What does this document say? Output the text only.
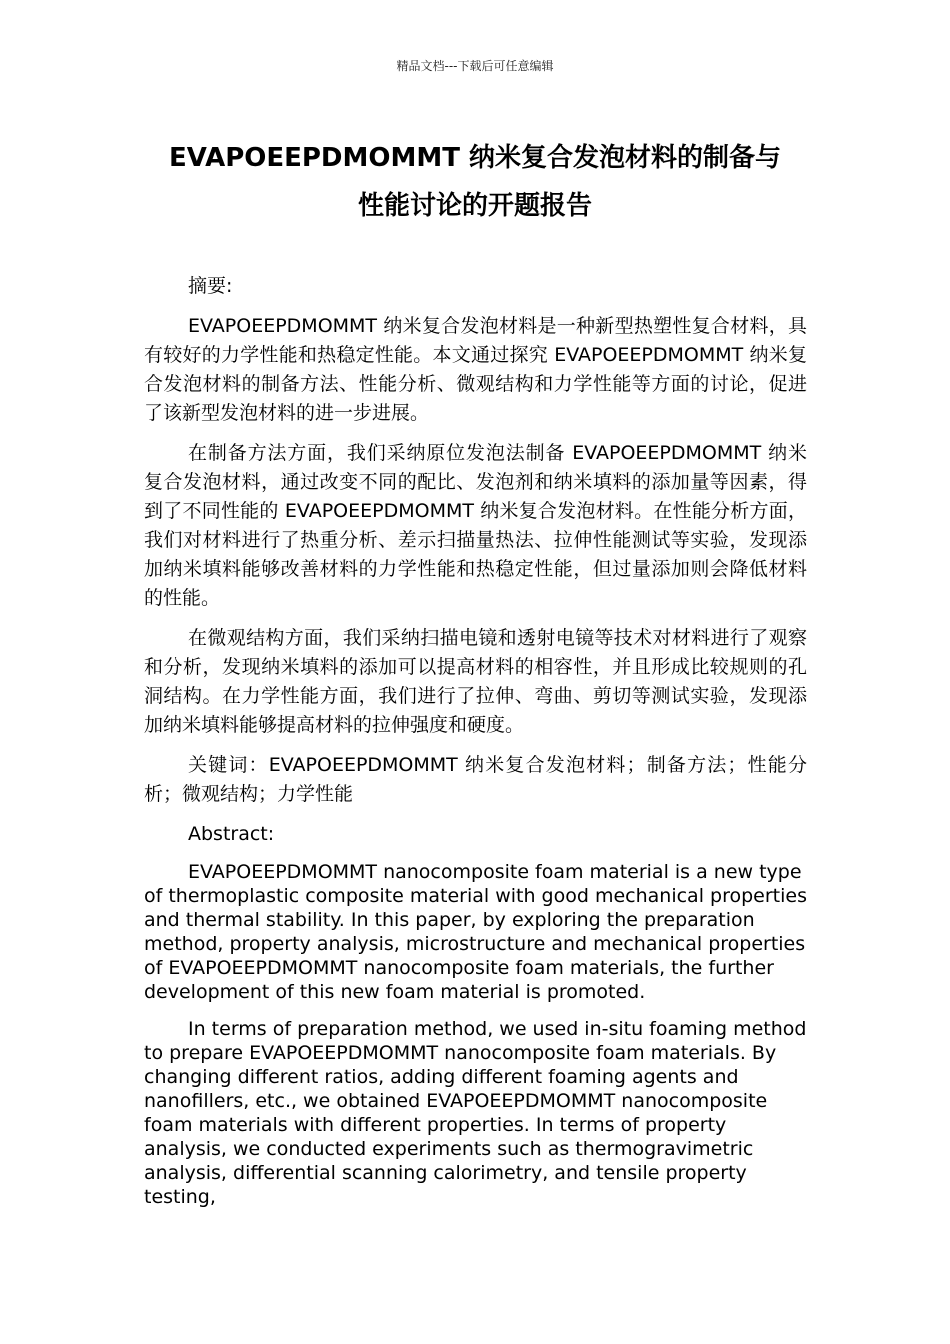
精品文档---下载后可任意编辑
EVAPOEEPDMOMMT 纳米复合发泡材料的制备与
性能讨论的开题报告

摘要:

EVAPOEEPDMOMMT 纳米复合发泡材料是一种新型热塑性复合材料，具有较好的力学性能和热稳定性能。本文通过探究 EVAPOEEPDMOMMT 纳米复合发泡材料的制备方法、性能分析、微观结构和力学性能等方面的讨论，促进了该新型发泡材料的进一步进展。

在制备方法方面，我们采纳原位发泡法制备 EVAPOEEPDMOMMT 纳米复合发泡材料，通过改变不同的配比、发泡剂和纳米填料的添加量等因素，得到了不同性能的 EVAPOEEPDMOMMT 纳米复合发泡材料。在性能分析方面，我们对材料进行了热重分析、差示扫描量热法、拉伸性能测试等实验，发现添加纳米填料能够改善材料的力学性能和热稳定性能，但过量添加则会降低材料的性能。

在微观结构方面，我们采纳扫描电镜和透射电镜等技术对材料进行了观察和分析，发现纳米填料的添加可以提高材料的相容性，并且形成比较规则的孔洞结构。在力学性能方面，我们进行了拉伸、弯曲、剪切等测试实验，发现添加纳米填料能够提高材料的拉伸强度和硬度。

关键词：EVAPOEEPDMOMMT 纳米复合发泡材料；制备方法；性能分析；微观结构；力学性能

Abstract:

EVAPOEEPDMOMMT nanocomposite foam material is a new type of thermoplastic composite material with good mechanical properties and thermal stability. In this paper, by exploring the preparation method, property analysis, microstructure and mechanical properties of EVAPOEEPDMOMMT nanocomposite foam materials, the further development of this new foam material is promoted.

In terms of preparation method, we used in-situ foaming method to prepare EVAPOEEPDMOMMT nanocomposite foam materials. By changing different ratios, adding different foaming agents and nanofillers, etc., we obtained EVAPOEEPDMOMMT nanocomposite foam materials with different properties. In terms of property analysis, we conducted experiments such as thermogravimetric analysis, differential scanning calorimetry, and tensile property testing,
